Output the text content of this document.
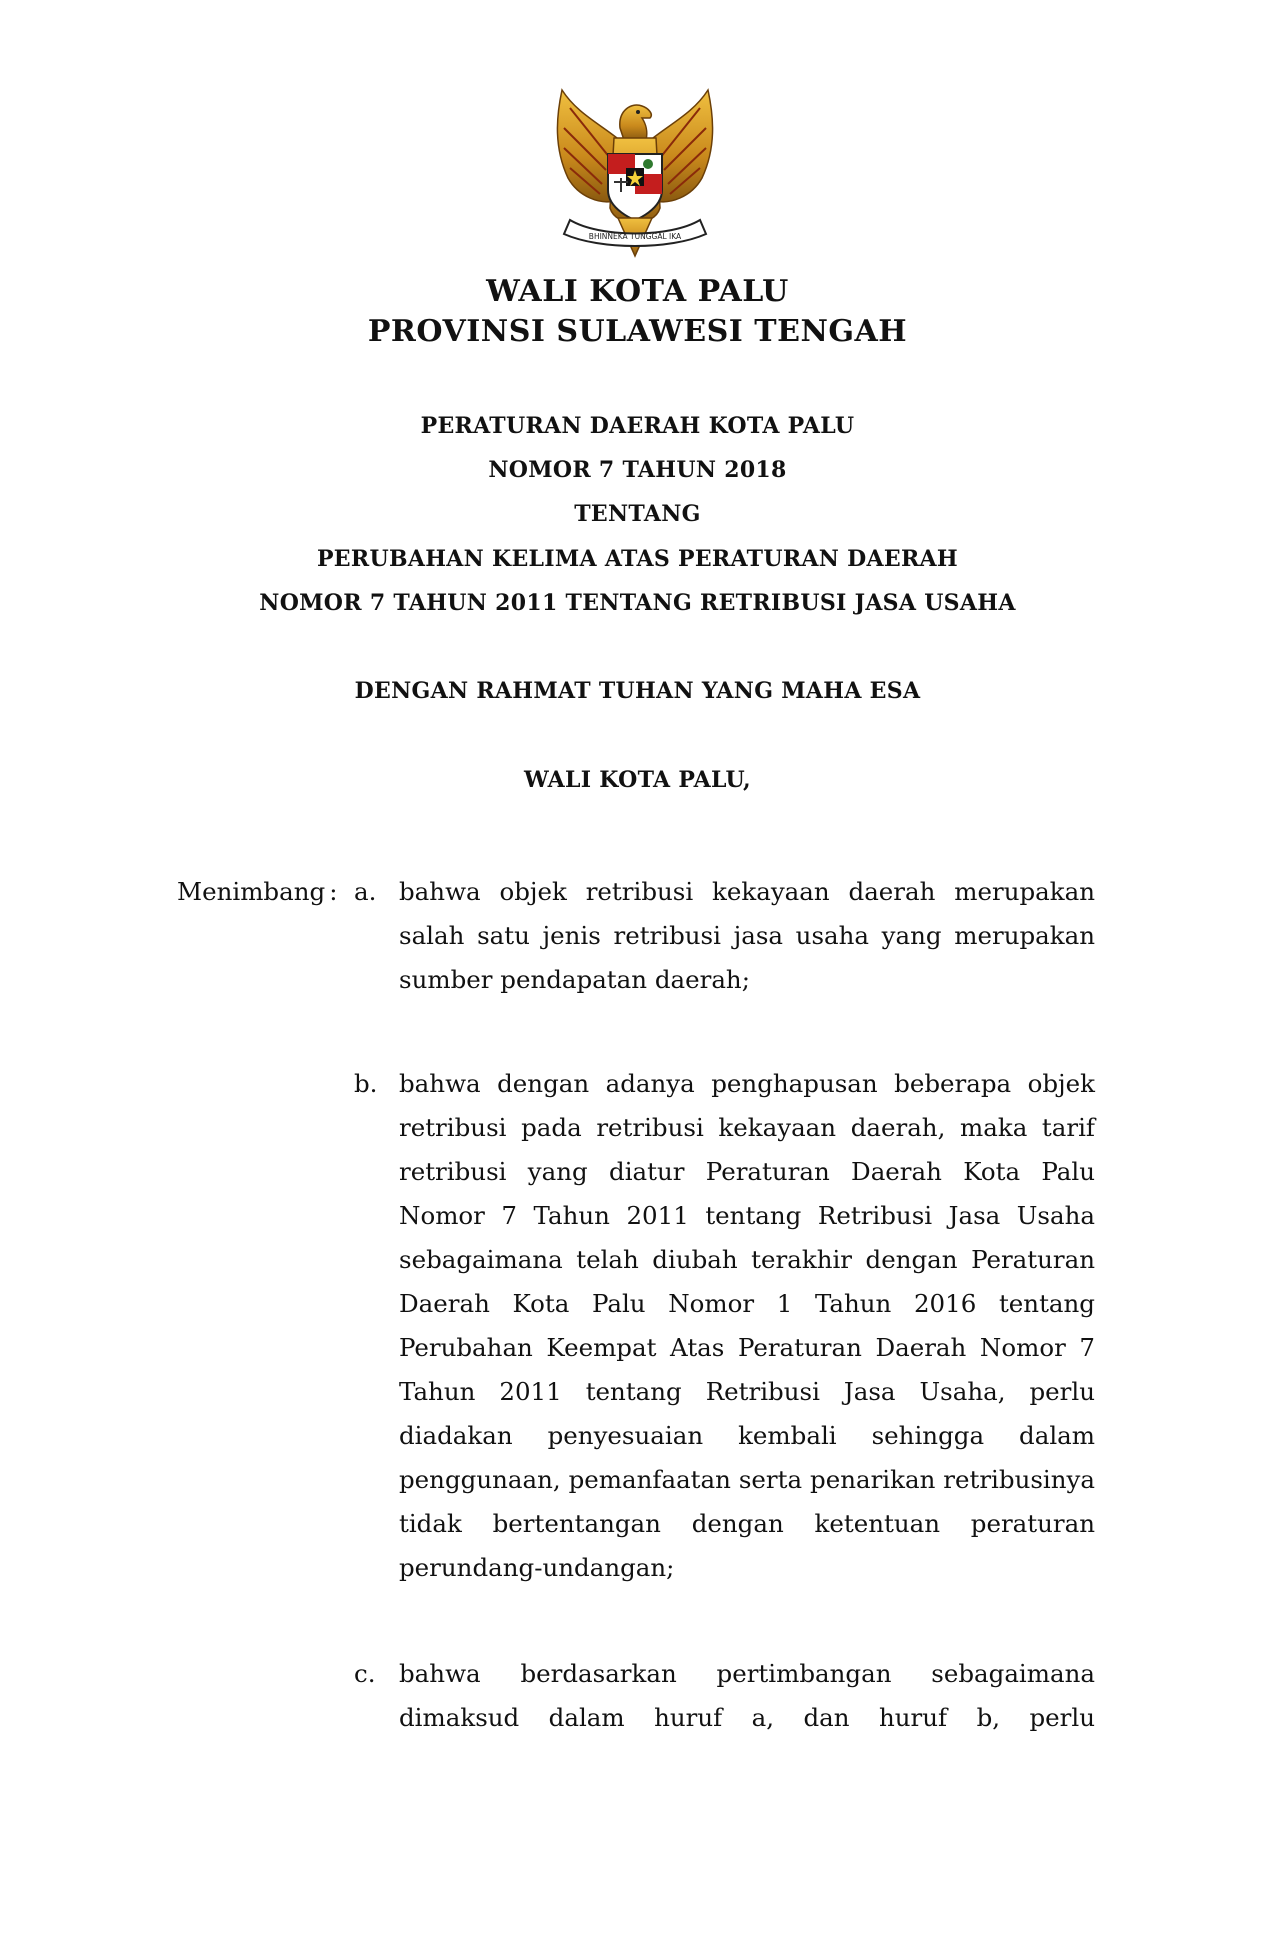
BHINNEKA TUNGGAL IKA
WALI KOTA PALU
PROVINSI SULAWESI TENGAH
PERATURAN DAERAH KOTA PALU
NOMOR 7 TAHUN 2018
TENTANG
PERUBAHAN KELIMA ATAS PERATURAN DAERAH
NOMOR 7 TAHUN 2011 TENTANG RETRIBUSI JASA USAHA
DENGAN RAHMAT TUHAN YANG MAHA ESA
WALI KOTA PALU,
Menimbang : a. bahwa objek retribusi kekayaan daerah merupakan salah satu jenis retribusi jasa usaha yang merupakan sumber pendapatan daerah;
b. bahwa dengan adanya penghapusan beberapa objek retribusi pada retribusi kekayaan daerah, maka tarif retribusi yang diatur Peraturan Daerah Kota Palu Nomor 7 Tahun 2011 tentang Retribusi Jasa Usaha sebagaimana telah diubah terakhir dengan Peraturan Daerah Kota Palu Nomor 1 Tahun 2016 tentang Perubahan Keempat Atas Peraturan Daerah Nomor 7 Tahun 2011 tentang Retribusi Jasa Usaha, perlu diadakan penyesuaian kembali sehingga dalam penggunaan, pemanfaatan serta penarikan retribusinya tidak bertentangan dengan ketentuan peraturan perundang-undangan;
c. bahwa berdasarkan pertimbangan sebagaimana dimaksud dalam huruf a, dan huruf b, perlu
